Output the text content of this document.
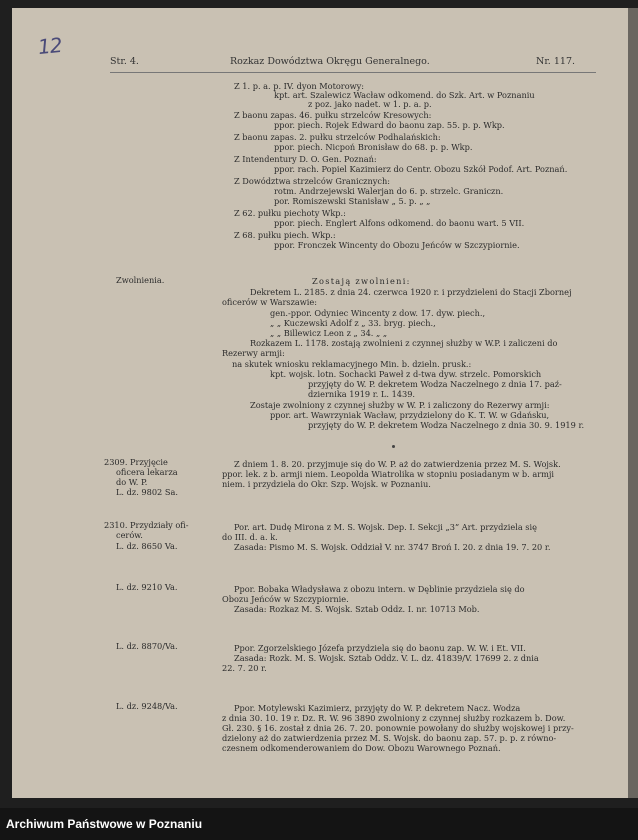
12
Str. 4.	Rozkaz Dowództwa Okręgu Generalnego.	Nr. 117.
Z 1. p. a. p. IV. dyon Motorowy:
kpt. art. Szalewicz Wacław odkomend. do Szk. Art. w Poznaniu
z poz. jako nadet. w 1. p. a. p.
Z baonu zapas. 46. pułku strzelców Kresowych:
ppor. piech. Rojek Edward do baonu zap. 55. p. p. Wkp.
Z baonu zapas. 2. pułku strzelców Podhalańskich:
ppor. piech. Nicpoń Bronisław do 68. p. p. Wkp.
Z Intendentury D. O. Gen. Poznań:
ppor. rach. Popiel Kazimierz do Centr. Obozu Szkół Podof. Art. Poznań.
Z Dowództwa strzelców Granicznych:
rotm. Andrzejewski Walerjan do 6. p. strzelc. Graniczn.
por. Romiszewski Stanisław „ 5. p. „ „
Z 62. pułku piechoty Wkp.:
ppor. piech. Englert Alfons odkomend. do baonu wart. 5 VII.
Z 68. pułku piech. Wkp.:
ppor. Fronczek Wincenty do Obozu Jeńców w Szczypiornie.
Zwolnienia.	Zostają zwolnieni:
Dekretem L. 2185. z dnia 24. czerwca 1920 r. i przydzieleni do Stacji Zbornej
oficerów w Warszawie:
gen.-ppor. Odyniec Wincenty z dow. 17. dyw. piech.,
„ „ Kuczewski Adolf z „ 33. bryg. piech.,
„ „ Billewicz Leon z „ 34. „ „
Rozkazem L. 1178. zostają zwolnieni z czynnej służby w W.P. i zaliczeni do
Rezerwy armji:
na skutek wniosku reklamacyjnego Min. b. dzieln. prusk.:
kpt. wojsk. lotn. Sochacki Paweł z d-twa dyw. strzelc. Pomorskich
przyjęty do W. P. dekretem Wodza Naczelnego z dnia 17. paź-
dziernika 1919 r. L. 1439.
Zostaje zwolniony z czynnej służby w W. P. i zaliczony do Rezerwy armji:
ppor. art. Wawrzyniak Wacław, przydzielony do K. T. W. w Gdańsku,
przyjęty do W. P. dekretem Wodza Naczelnego z dnia 30. 9. 1919 r.
2309. Przyjęcie
oficera lekarza
do W. P.
L. dz. 9802 Sa.
Z dniem 1. 8. 20. przyjmuje się do W. P. aż do zatwierdzenia przez M. S. Wojsk.
ppor. lek. z b. armji niem. Leopolda Wiatrolika w stopniu posiadanym w b. armji
niem. i przydziela do Okr. Szp. Wojsk. w Poznaniu.
2310. Przydziały ofi-
cerów.
L. dz. 8650 Va.
Por. art. Dudę Mirona z M. S. Wojsk. Dep. I. Sekcji „3” Art. przydziela się
do III. d. a. k.
Zasada: Pismo M. S. Wojsk. Oddział V. nr. 3747 Broń I. 20. z dnia 19. 7. 20 r.
L. dz. 9210 Va.	Ppor. Bobaka Władysława z obozu intern. w Dęblinie przydziela się do
Obozu Jeńców w Szczypiornie.
Zasada: Rozkaz M. S. Wojsk. Sztab Oddz. I. nr. 10713 Mob.
L. dz. 8870/Va.	Ppor. Zgorzelskiego Józefa przydziela się do baonu zap. W. W. i Et. VII.
Zasada: Rozk. M. S. Wojsk. Sztab Oddz. V. L. dz. 41839/V. 17699 2. z dnia
22. 7. 20 r.
L. dz. 9248/Va.	Ppor. Motylewski Kazimierz, przyjęty do W. P. dekretem Nacz. Wodza
z dnia 30. 10. 19 r. Dz. R. W. 96 3890 zwolniony z czynnej służby rozkazem b. Dow.
Gł. 230. § 16. został z dnia 26. 7. 20. ponownie powołany do służby wojskowej i przy-
dzielony aż do zatwierdzenia przez M. S. Wojsk. do baonu zap. 57. p. p. z równo-
czesnem odkomenderowaniem do Dow. Obozu Warownego Poznań.
Archiwum Państwowe w Poznaniu
